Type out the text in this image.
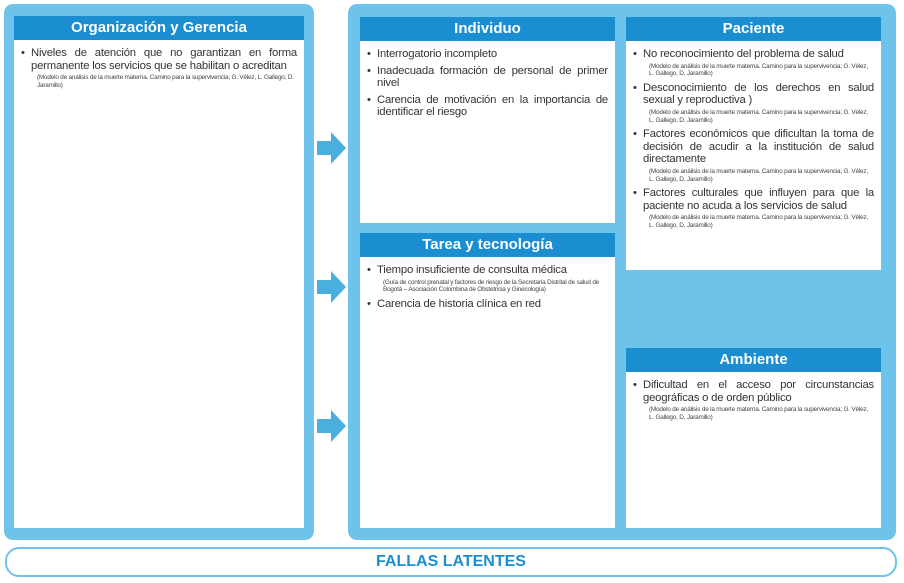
Organización y Gerencia
• Niveles de atención que no garantizan en forma permanente los servicios que se habilitan o acreditan
(Modelo de análisis de la muerte materna. Camino para la supervivencia; G. Vélez, L. Gallego, D. Jaramillo)
Individuo
• Interrogatorio incompleto
• Inadecuada formación de personal de primer nivel
• Carencia de motivación en la importancia de identificar el riesgo
Tarea y tecnología
• Tiempo insuficiente de consulta médica
(Guía de control prenatal y factores de riesgo de la Secretaría Distrital de salud de Bogotá – Asociación Colombina de Obstetricia y Ginecología)
• Carencia de historia clínica en red
Paciente
• No reconocimiento del problema de salud
(Modelo de análisis de la muerte materna. Camino para la supervivencia; G. Vélez, L. Gallego, D. Jaramillo)
• Desconocimiento de los derechos en salud sexual y reproductiva )
(Modelo de análisis de la muerte materna. Camino para la supervivencia; G. Vélez, L. Gallego, D. Jaramillo)
• Factores económicos que dificultan la toma de decisión de acudir a la institución de salud directamente
(Modelo de análisis de la muerte materna. Camino para la supervivencia; G. Vélez, L. Gallego, D. Jaramillo)
• Factores culturales que influyen para que la paciente no acuda a los servicios de salud
(Modelo de análisis de la muerte materna. Camino para la supervivencia; G. Vélez, L. Gallego, D. Jaramillo)
Ambiente
• Dificultad en el acceso por circunstancias geográficas o de orden público
(Modelo de análisis de la muerte materna. Camino para la supervivencia; G. Vélez, L. Gallego, D. Jaramillo)
FALLAS LATENTES
